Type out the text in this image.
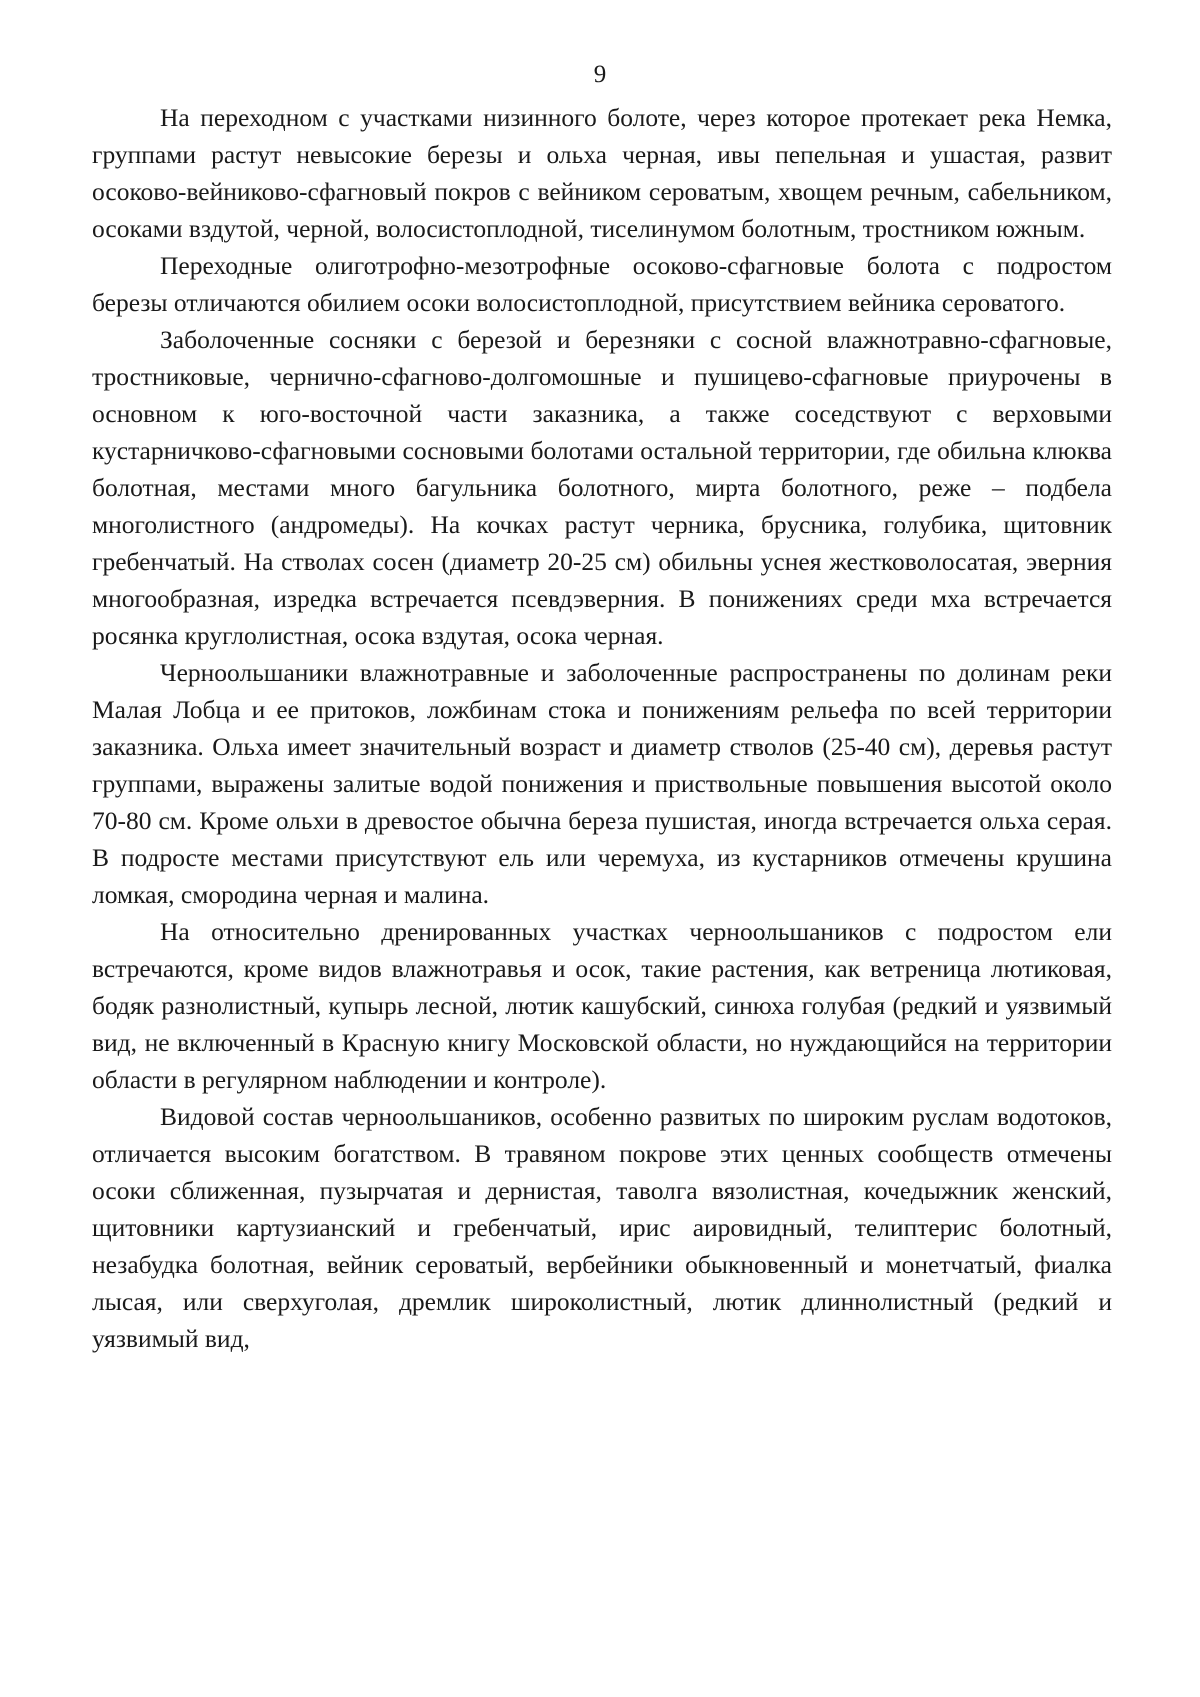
9

На переходном с участками низинного болоте, через которое протекает река Немка, группами растут невысокие березы и ольха черная, ивы пепельная и ушастая, развит осоково-вейниково-сфагновый покров с вейником сероватым, хвощем речным, сабельником, осоками вздутой, черной, волосистоплодной, тиселинумом болотным, тростником южным.

Переходные олиготрофно-мезотрофные осоково-сфагновые болота с подростом березы отличаются обилием осоки волосистоплодной, присутствием вейника сероватого.

Заболоченные сосняки с березой и березняки с сосной влажнотравно-сфагновые, тростниковые, чернично-сфагново-долгомошные и пушицево-сфагновые приурочены в основном к юго-восточной части заказника, а также соседствуют с верховыми кустарничково-сфагновыми сосновыми болотами остальной территории, где обильна клюква болотная, местами много багульника болотного, мирта болотного, реже – подбела многолистного (андромеды). На кочках растут черника, брусника, голубика, щитовник гребенчатый. На стволах сосен (диаметр 20-25 см) обильны уснея жестковолосатая, эверния многообразная, изредка встречается псевдэверния. В понижениях среди мха встречается росянка круглолистная, осока вздутая, осока черная.

Черноольшаники влажнотравные и заболоченные распространены по долинам реки Малая Лобца и ее притоков, ложбинам стока и понижениям рельефа по всей территории заказника. Ольха имеет значительный возраст и диаметр стволов (25-40 см), деревья растут группами, выражены залитые водой понижения и приствольные повышения высотой около 70-80 см. Кроме ольхи в древостое обычна береза пушистая, иногда встречается ольха серая. В подросте местами присутствуют ель или черемуха, из кустарников отмечены крушина ломкая, смородина черная и малина.

На относительно дренированных участках черноольшаников с подростом ели встречаются, кроме видов влажнотравья и осок, такие растения, как ветреница лютиковая, бодяк разнолистный, купырь лесной, лютик кашубский, синюха голубая (редкий и уязвимый вид, не включенный в Красную книгу Московской области, но нуждающийся на территории области в регулярном наблюдении и контроле).

Видовой состав черноольшаников, особенно развитых по широким руслам водотоков, отличается высоким богатством. В травяном покрове этих ценных сообществ отмечены осоки сближенная, пузырчатая и дернистая, таволга вязолистная, кочедыжник женский, щитовники картузианский и гребенчатый, ирис аировидный, телиптерис болотный, незабудка болотная, вейник сероватый, вербейники обыкновенный и монетчатый, фиалка лысая, или сверхуголая, дремлик широколистный, лютик длиннолистный (редкий и уязвимый вид,
